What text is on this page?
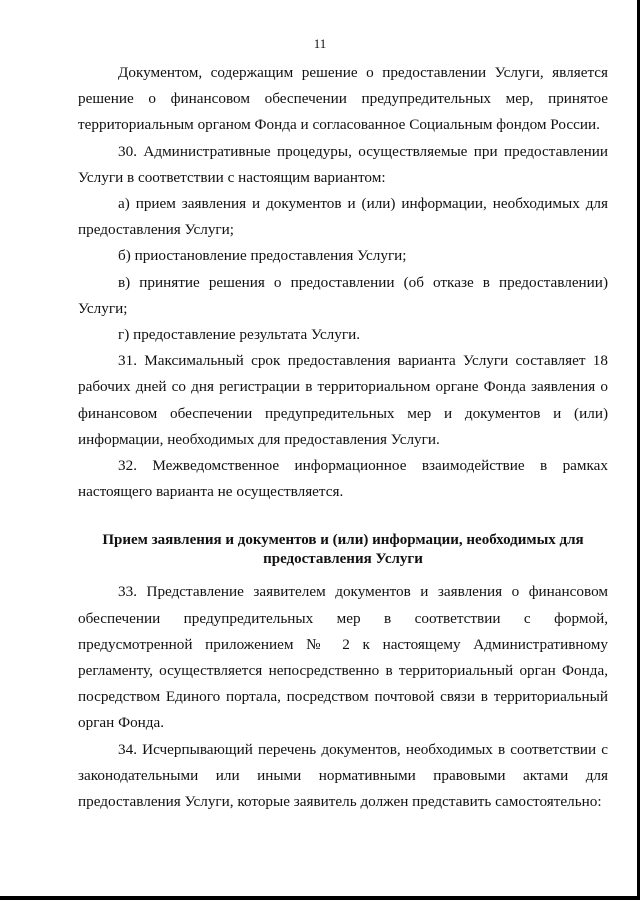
11

Документом, содержащим решение о предоставлении Услуги, является решение о финансовом обеспечении предупредительных мер, принятое территориальным органом Фонда и согласованное Социальным фондом России.

30. Административные процедуры, осуществляемые при предоставлении Услуги в соответствии с настоящим вариантом:

а) прием заявления и документов и (или) информации, необходимых для предоставления Услуги;

б) приостановление предоставления Услуги;

в) принятие решения о предоставлении (об отказе в предоставлении) Услуги;

г) предоставление результата Услуги.

31. Максимальный срок предоставления варианта Услуги составляет 18 рабочих дней со дня регистрации в территориальном органе Фонда заявления о финансовом обеспечении предупредительных мер и документов и (или) информации, необходимых для предоставления Услуги.

32. Межведомственное информационное взаимодействие в рамках настоящего варианта не осуществляется.

Прием заявления и документов и (или) информации, необходимых для предоставления Услуги

33. Представление заявителем документов и заявления о финансовом обеспечении предупредительных мер в соответствии с формой, предусмотренной приложением № 2 к настоящему Административному регламенту, осуществляется непосредственно в территориальный орган Фонда, посредством Единого портала, посредством почтовой связи в территориальный орган Фонда.

34. Исчерпывающий перечень документов, необходимых в соответствии с законодательными или иными нормативными правовыми актами для предоставления Услуги, которые заявитель должен представить самостоятельно:
